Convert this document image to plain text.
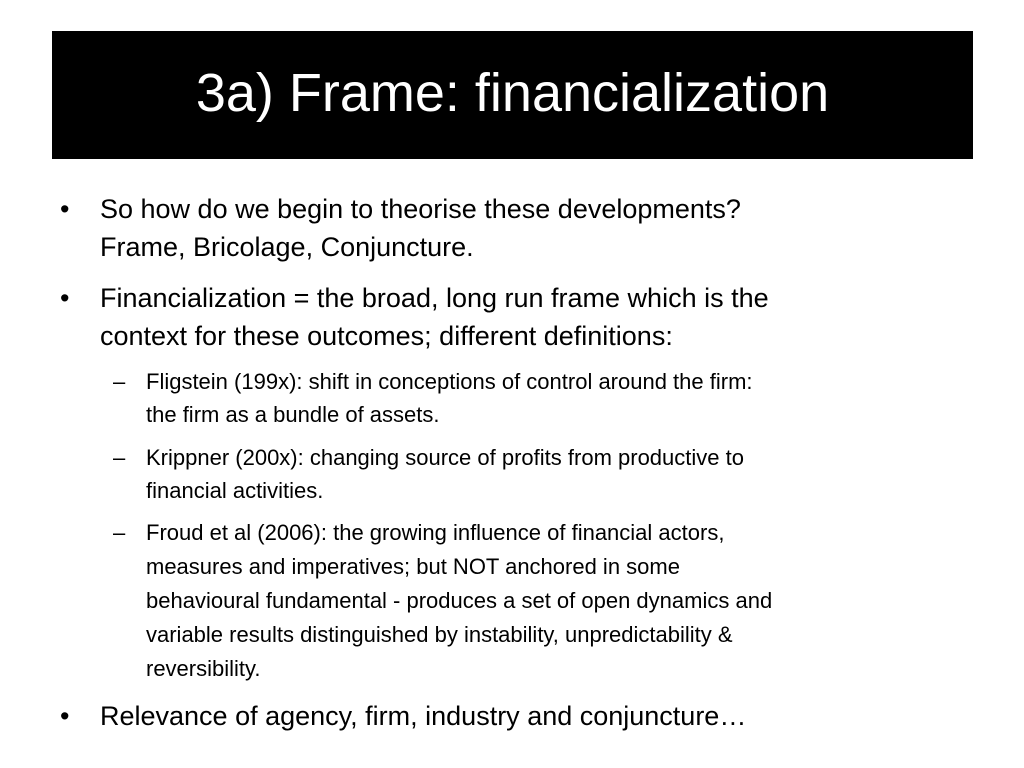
3a) Frame: financialization
• So how do we begin to theorise these developments?
Frame, Bricolage, Conjuncture.
• Financialization = the broad, long run frame which is the
context for these outcomes; different definitions:
– Fligstein (199x): shift in conceptions of control around the firm:
the firm as a bundle of assets.
– Krippner (200x): changing source of profits from productive to
financial activities.
– Froud et al (2006): the growing influence of financial actors,
measures and imperatives; but NOT anchored in some
behavioural fundamental - produces a set of open dynamics and
variable results distinguished by instability, unpredictability &
reversibility.
• Relevance of agency, firm, industry and conjuncture…
